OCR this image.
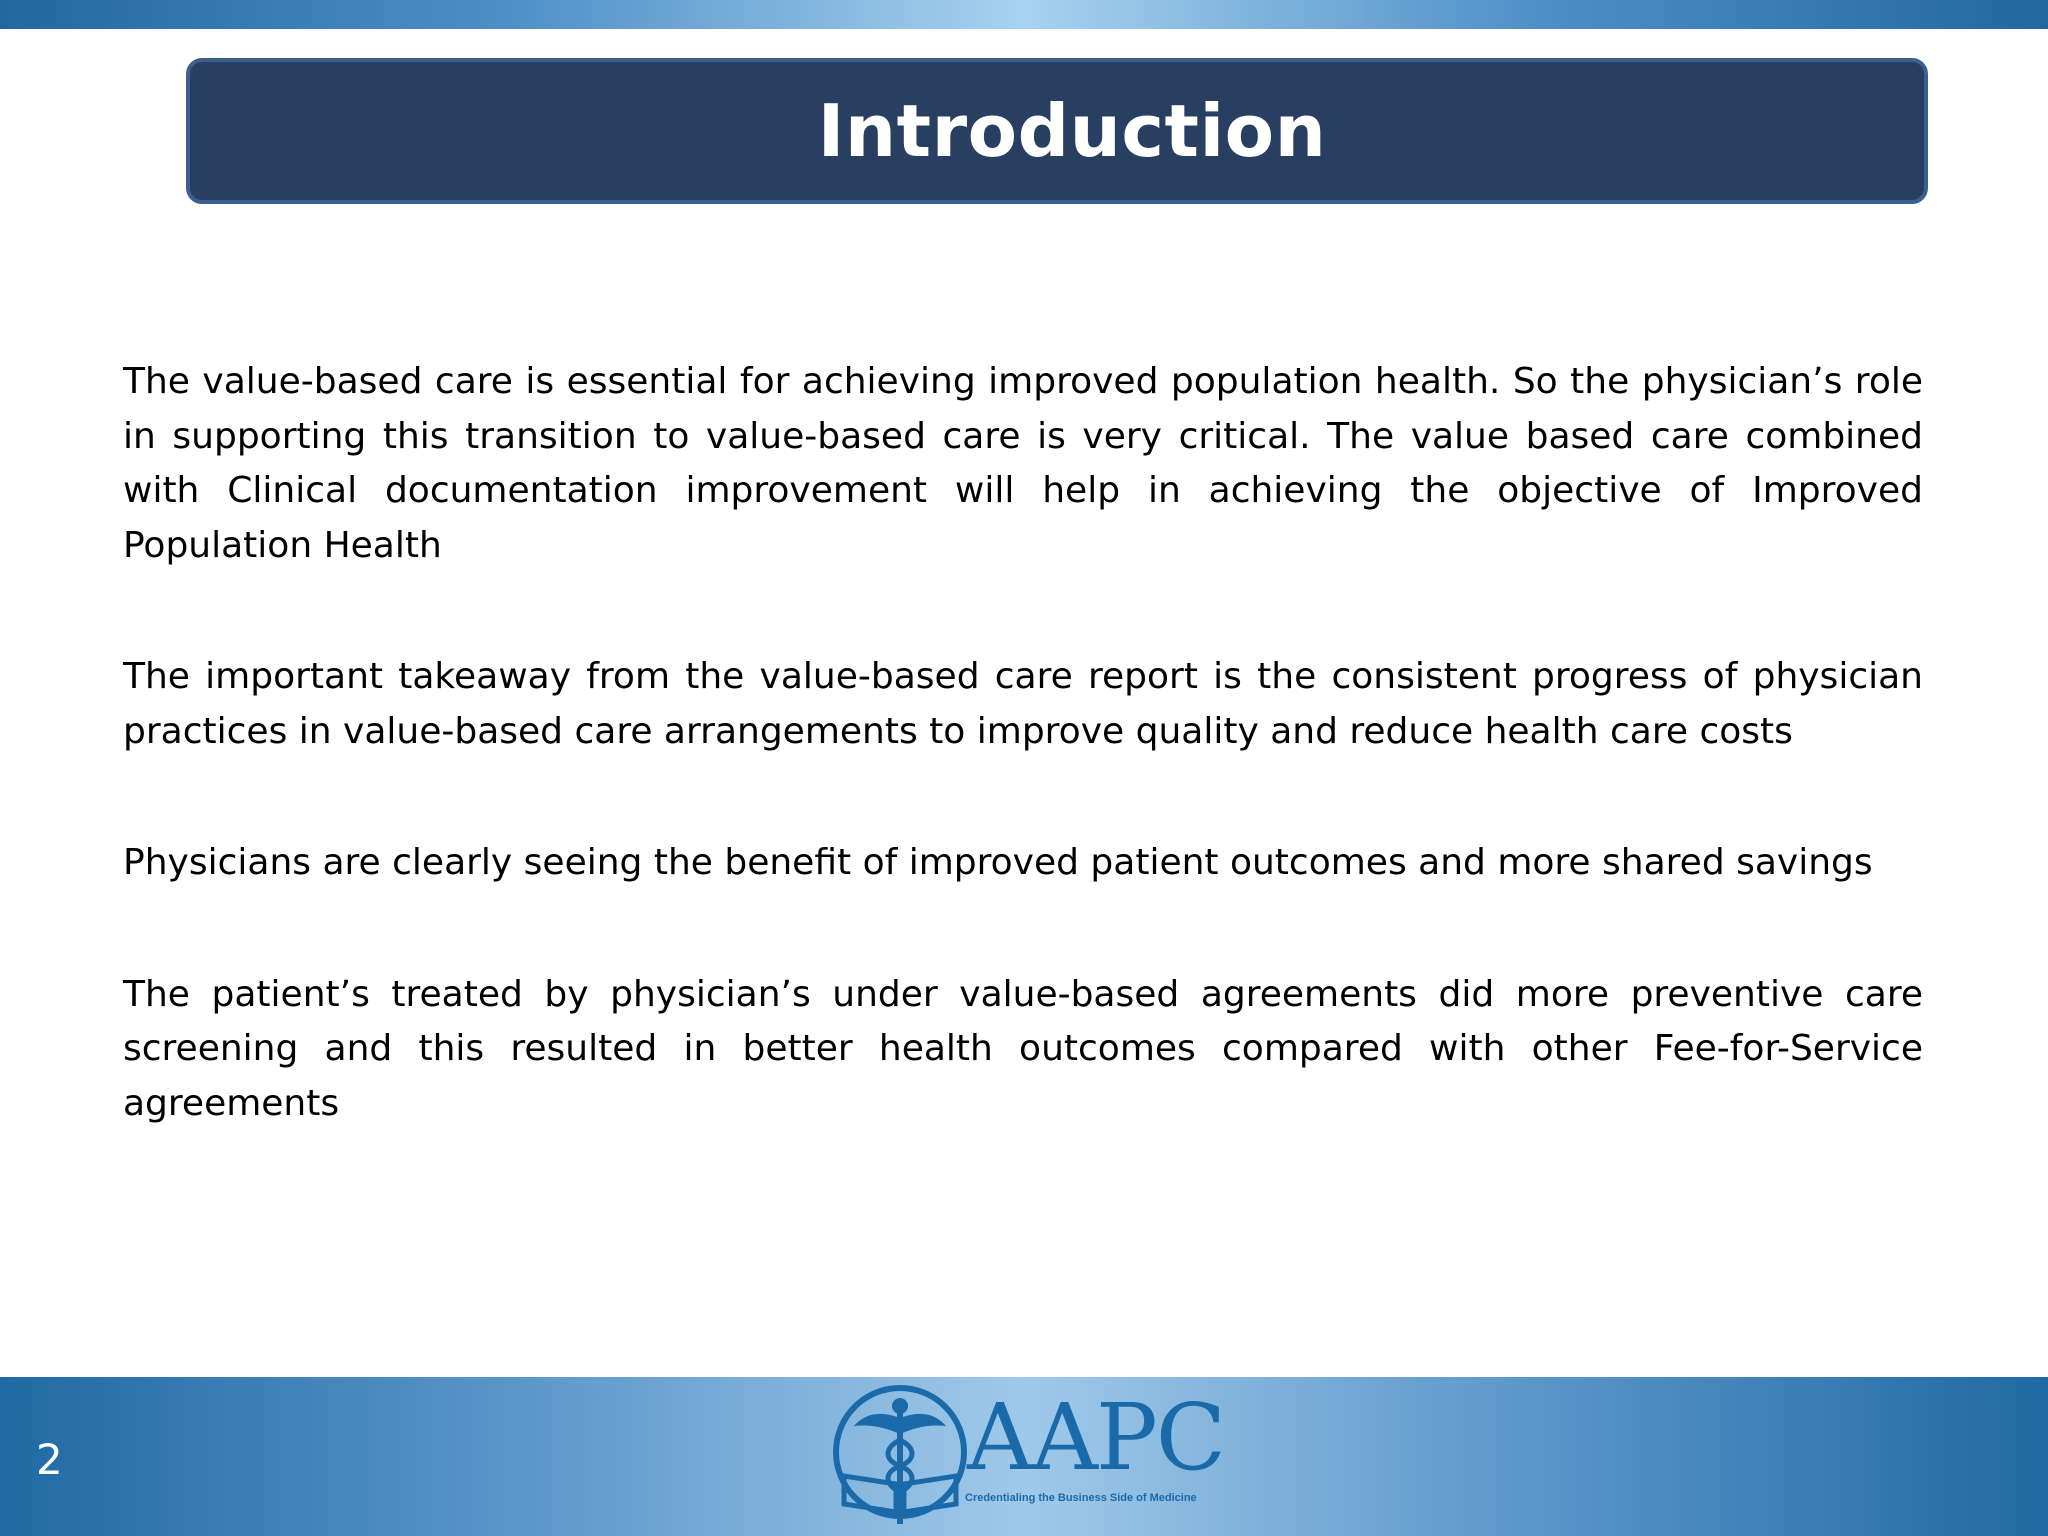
Introduction

The value-based care is essential for achieving improved population health. So the physician’s role in supporting this transition to value-based care is very critical. The value based care combined with Clinical documentation improvement will help in achieving the objective of Improved Population Health

The important takeaway from the value-based care report is the consistent progress of physician practices in value-based care arrangements to improve quality and reduce health care costs

Physicians are clearly seeing the benefit of improved patient outcomes and more shared savings

The patient’s treated by physician’s under value-based agreements did more preventive care screening and this resulted in better health outcomes compared with other Fee-for-Service agreements

2	AAPC
Credentialing the Business Side of Medicine
